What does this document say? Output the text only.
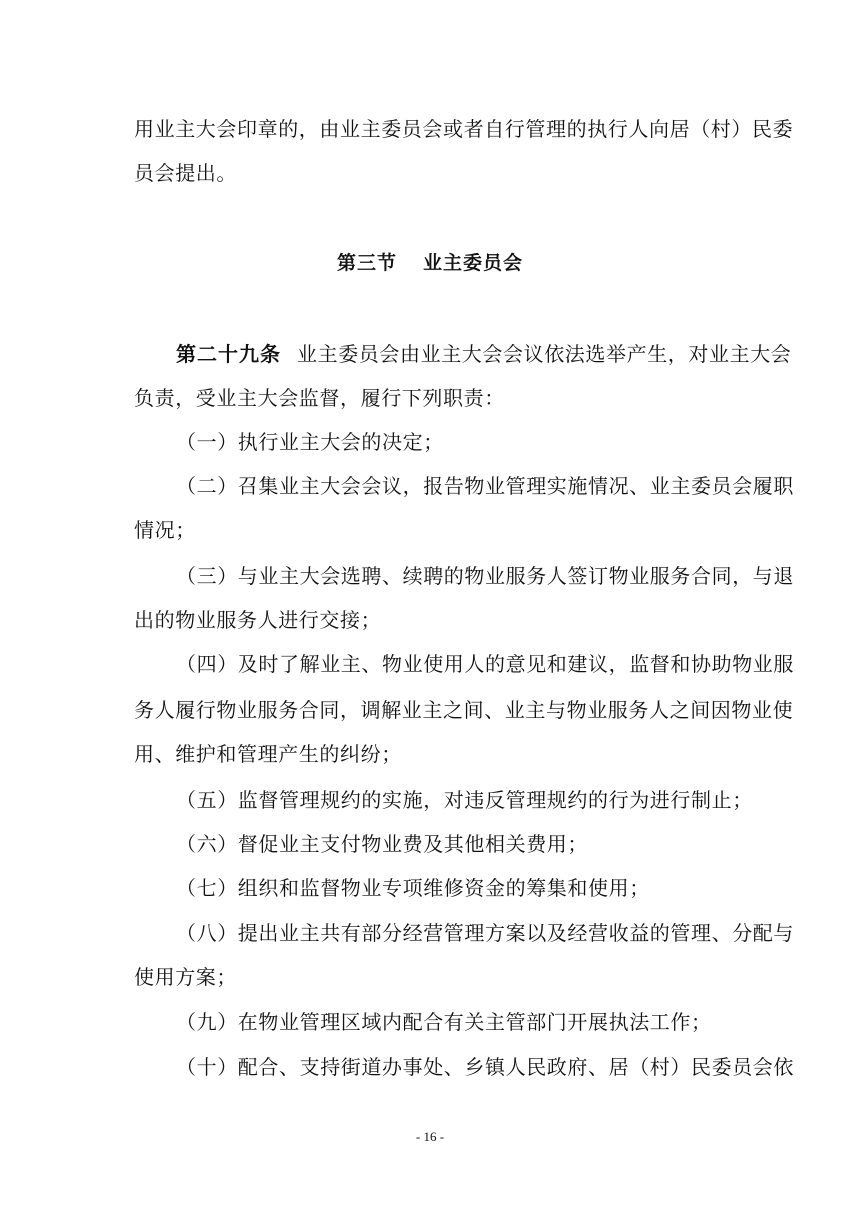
用业主大会印章的，由业主委员会或者自行管理的执行人向居（村）民委
员会提出。
第三节 业主委员会
第二十九条 业主委员会由业主大会会议依法选举产生，对业主大会
负责，受业主大会监督，履行下列职责：
（一）执行业主大会的决定；
（二）召集业主大会会议，报告物业管理实施情况、业主委员会履职
情况；
（三）与业主大会选聘、续聘的物业服务人签订物业服务合同，与退
出的物业服务人进行交接；
（四）及时了解业主、物业使用人的意见和建议，监督和协助物业服
务人履行物业服务合同，调解业主之间、业主与物业服务人之间因物业使
用、维护和管理产生的纠纷；
（五）监督管理规约的实施，对违反管理规约的行为进行制止；
（六）督促业主支付物业费及其他相关费用；
（七）组织和监督物业专项维修资金的筹集和使用；
（八）提出业主共有部分经营管理方案以及经营收益的管理、分配与
使用方案；
（九）在物业管理区域内配合有关主管部门开展执法工作；
（十）配合、支持街道办事处、乡镇人民政府、居（村）民委员会依
- 16 -
